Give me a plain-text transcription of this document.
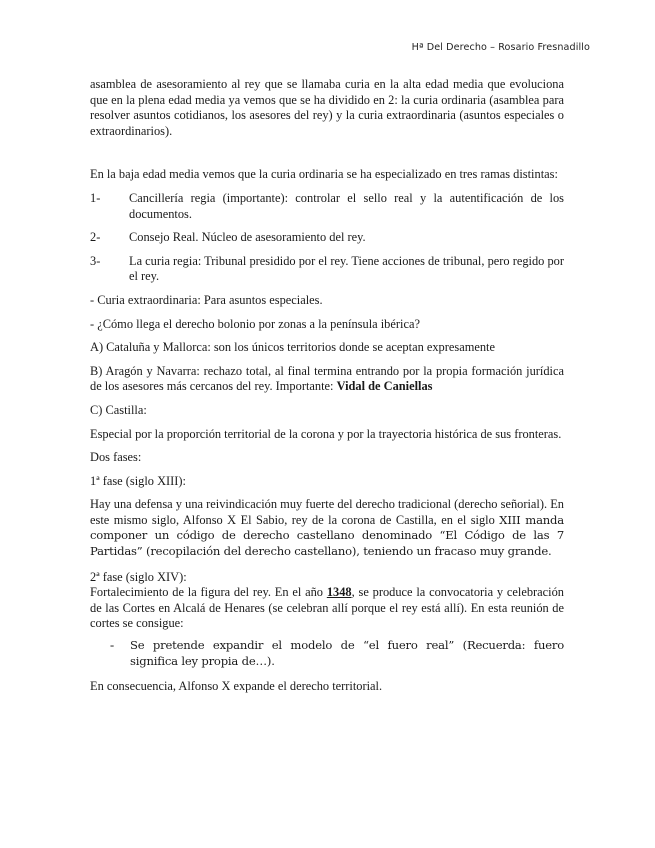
Hª Del Derecho – Rosario Fresnadillo

asamblea de asesoramiento al rey que se llamaba curia en la alta edad media que evoluciona que en la plena edad media ya vemos que se ha dividido en 2: la curia ordinaria (asamblea para resolver asuntos cotidianos, los asesores del rey) y la curia extraordinaria (asuntos especiales o extraordinarios).

En la baja edad media vemos que la curia ordinaria se ha especializado en tres ramas distintas:

1-	Cancillería regia (importante): controlar el sello real y la autentificación de los documentos.
2-	Consejo Real. Núcleo de asesoramiento del rey.
3-	La curia regia: Tribunal presidido por el rey. Tiene acciones de tribunal, pero regido por el rey.

- Curia extraordinaria: Para asuntos especiales.

- ¿Cómo llega el derecho bolonio por zonas a la península ibérica?

A) Cataluña y Mallorca: son los únicos territorios donde se aceptan expresamente

B) Aragón y Navarra: rechazo total, al final termina entrando por la propia formación jurídica de los asesores más cercanos del rey. Importante: Vidal de Caniellas

C) Castilla:

Especial por la proporción territorial de la corona y por la trayectoria histórica de sus fronteras.

Dos fases:

1ª fase (siglo XIII):

Hay una defensa y una reivindicación muy fuerte del derecho tradicional (derecho señorial). En este mismo siglo, Alfonso X El Sabio, rey de la corona de Castilla, en el siglo XIII manda componer un código de derecho castellano denominado “El Código de las 7 Partidas” (recopilación del derecho castellano), teniendo un fracaso muy grande.

2ª fase (siglo XIV):

Fortalecimiento de la figura del rey. En el año 1348, se produce la convocatoria y celebración de las Cortes en Alcalá de Henares (se celebran allí porque el rey está allí). En esta reunión de cortes se consigue:

-	Se pretende expandir el modelo de “el fuero real” (Recuerda: fuero significa ley propia de…).

En consecuencia, Alfonso X expande el derecho territorial.
